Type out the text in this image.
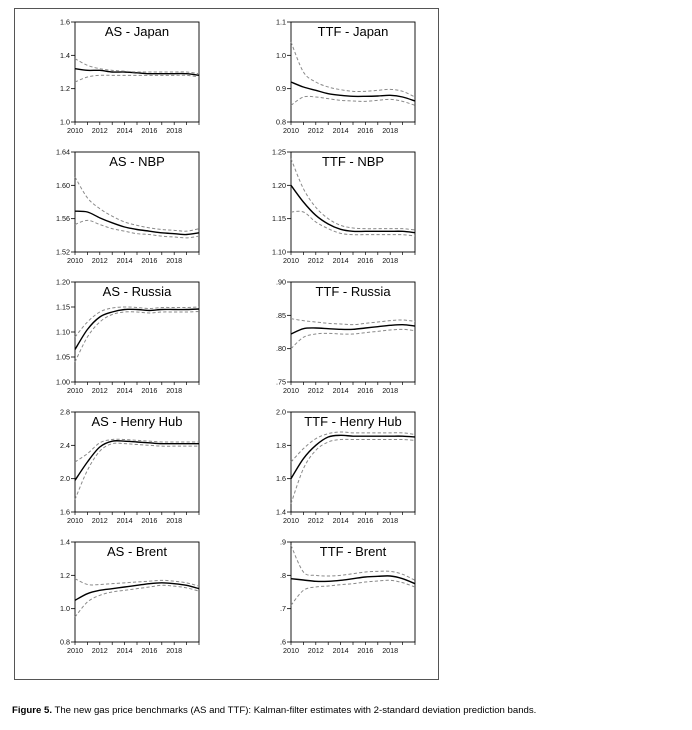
1.0
1.2
1.4
1.6
2010 2012 2014 2016 2018
AS - Japan
0.8
0.9
1.0
1.1
2010 2012 2014 2016 2018
TTF - Japan
1.52
1.56
1.60
1.64
2010 2012 2014 2016 2018
AS - NBP
1.10
1.15
1.20
1.25
2010 2012 2014 2016 2018
TTF - NBP
1.00
1.05
1.10
1.15
1.20
2010 2012 2014 2016 2018
AS - Russia
.75
.80
.85
.90
2010 2012 2014 2016 2018
TTF - Russia
1.6
2.0
2.4
2.8
2010 2012 2014 2016 2018
AS - Henry Hub
1.4
1.6
1.8
2.0
2010 2012 2014 2016 2018
TTF - Henry Hub
0.8
1.0
1.2
1.4
2010 2012 2014 2016 2018
AS - Brent
.6
.7
.8
.9
2010 2012 2014 2016 2018
TTF - Brent
Figure 5. The new gas price benchmarks (AS and TTF): Kalman-filter estimates with 2-standard deviation prediction bands.
